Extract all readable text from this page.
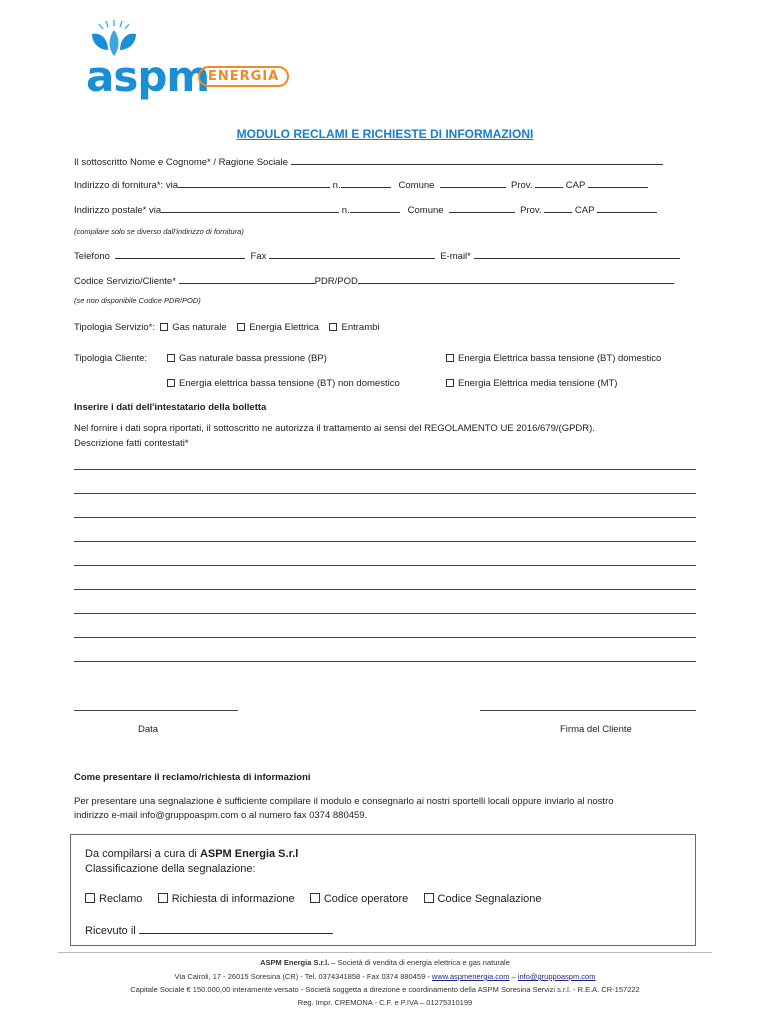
aspm
ENERGIA
MODULO RECLAMI E RICHIESTE DI INFORMAZIONI
Il sottoscritto Nome e Cognome* / Ragione Sociale
Indirizzo di fornitura*: via	n.	Comune	Prov.	CAP
Indirizzo postale* via	n.	Comune	Prov.	CAP
(compilare solo se diverso dall'indirizzo di fornitura)
Telefono	Fax	E-mail*
Codice Servizio/Cliente*	PDR/POD
(se non disponibile Codice PDR/POD)
Tipologia Servizio*: Gas naturale Energia Elettrica Entrambi
Tipologia Cliente:	Gas naturale bassa pressione (BP)	Energia Elettrica bassa tensione (BT) domestico
Energia elettrica bassa tensione (BT) non domestico	Energia Elettrica media tensione (MT)
Inserire i dati dell'intestatario della bolletta
Nel fornire i dati sopra riportati, il sottoscritto ne autorizza il trattamento ai sensi del REGOLAMENTO UE 2016/679/(GPDR).
Descrizione fatti contestati*
Data	Firma del Cliente
Come presentare il reclamo/richiesta di informazioni
Per presentare una segnalazione è sufficiente compilare il modulo e consegnarlo ai nostri sportelli locali oppure inviarlo al nostro
indirizzo e-mail info@gruppoaspm.com o al numero fax 0374 880459.
Da compilarsi a cura di ASPM Energia S.r.l
Classificazione della segnalazione:
Reclamo	Richiesta di informazione	Codice operatore	Codice Segnalazione
Ricevuto il
ASPM Energia S.r.l. – Società di vendita di energia elettrica e gas naturale
Via Cairoli, 17 - 26015 Soresina (CR) - Tel. 0374341858 - Fax 0374 880459 - www.aspmenergia.com – info@gruppoaspm.com
Capitale Sociale € 150.000,00 interamente versato - Società soggetta a direzione e coordinamento della ASPM Soresina Servizi s.r.l. - R.E.A. CR-157222
Reg. Impr. CREMONA - C.F. e P.IVA – 01275310199
